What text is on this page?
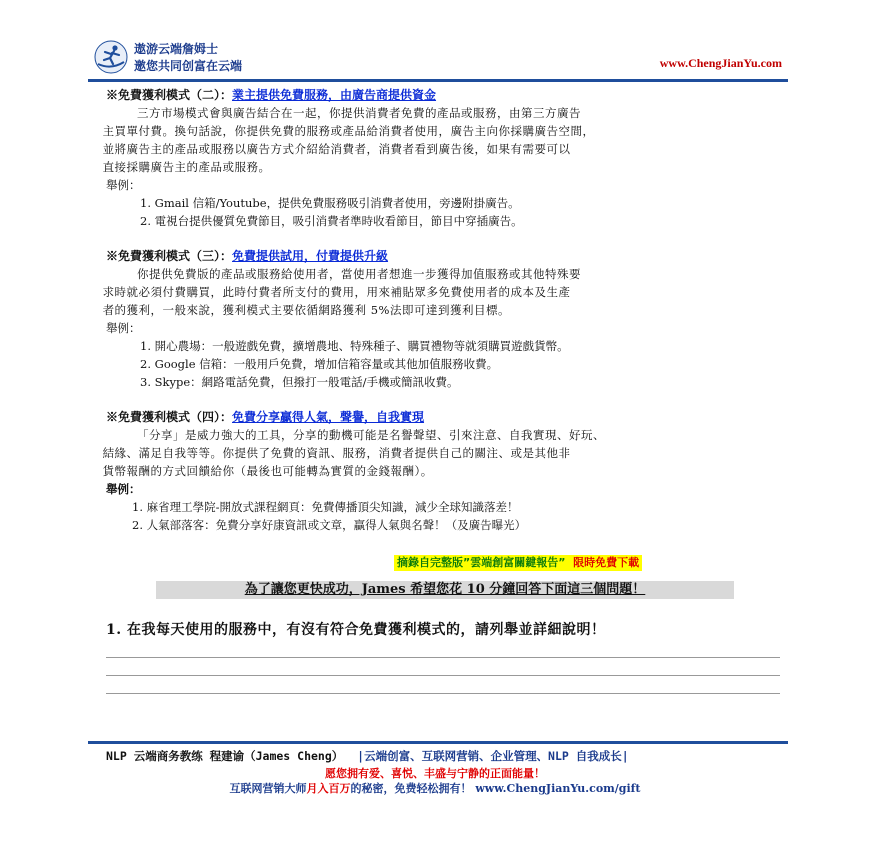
遨游云端詹姆士
邀您共同创富在云端	www.ChengJianYu.com
※免費獲利模式（二）：業主提供免費服務，由廣告商提供資金
三方市場模式會與廣告結合在一起，你提供消費者免費的產品或服務，由第三方廣告
主買單付費。換句話說，你提供免費的服務或產品給消費者使用，廣告主向你採購廣告空間，
並將廣告主的產品或服務以廣告方式介紹給消費者，消費者看到廣告後，如果有需要可以
直接採購廣告主的產品或服務。
舉例：
1. Gmail 信箱/Youtube，提供免費服務吸引消費者使用，旁邊附掛廣告。
2. 電視台提供優質免費節目，吸引消費者準時收看節目，節目中穿插廣告。
※免費獲利模式（三）：免費提供試用，付費提供升級
你提供免費版的產品或服務給使用者，當使用者想進一步獲得加值服務或其他特殊要
求時就必須付費購買，此時付費者所支付的費用，用來補貼眾多免費使用者的成本及生產
者的獲利，一般來說，獲利模式主要依循網路獲利 5%法即可達到獲利目標。
舉例：
1. 開心農場：一般遊戲免費，擴增農地、特殊種子、購買禮物等就須購買遊戲貨幣。
2. Google 信箱：一般用戶免費，增加信箱容量或其他加值服務收費。
3. Skype：網路電話免費，但撥打一般電話/手機或簡訊收費。
※免費獲利模式（四）：免費分享贏得人氣，聲譽，自我實現
「分享」是威力強大的工具，分享的動機可能是名譽聲望、引來注意、自我實現、好玩、
結緣、滿足自我等等。你提供了免費的資訊、服務，消費者提供自己的關注、或是其他非
貨幣報酬的方式回饋給你（最後也可能轉為實質的金錢報酬）。
舉例：
1. 麻省理工學院-開放式課程網頁：免費傳播頂尖知識，減少全球知識落差！
2. 人氣部落客：免費分享好康資訊或文章，贏得人氣與名聲！（及廣告曝光）
摘錄自完整版”雲端創富關鍵報告” 限時免費下載
為了讓您更快成功，James 希望您花 10 分鐘回答下面這三個問題！
1. 在我每天使用的服務中，有沒有符合免費獲利模式的，請列舉並詳細說明！
NLP 云端商务教练 程建谕（James Cheng） |云端创富、互联网营销、企业管理、NLP 自我成长|
愿您拥有爱、喜悦、丰盛与宁静的正面能量！
互联网营销大师月入百万的秘密，免费轻松拥有！ www.ChengJianYu.com/gift
